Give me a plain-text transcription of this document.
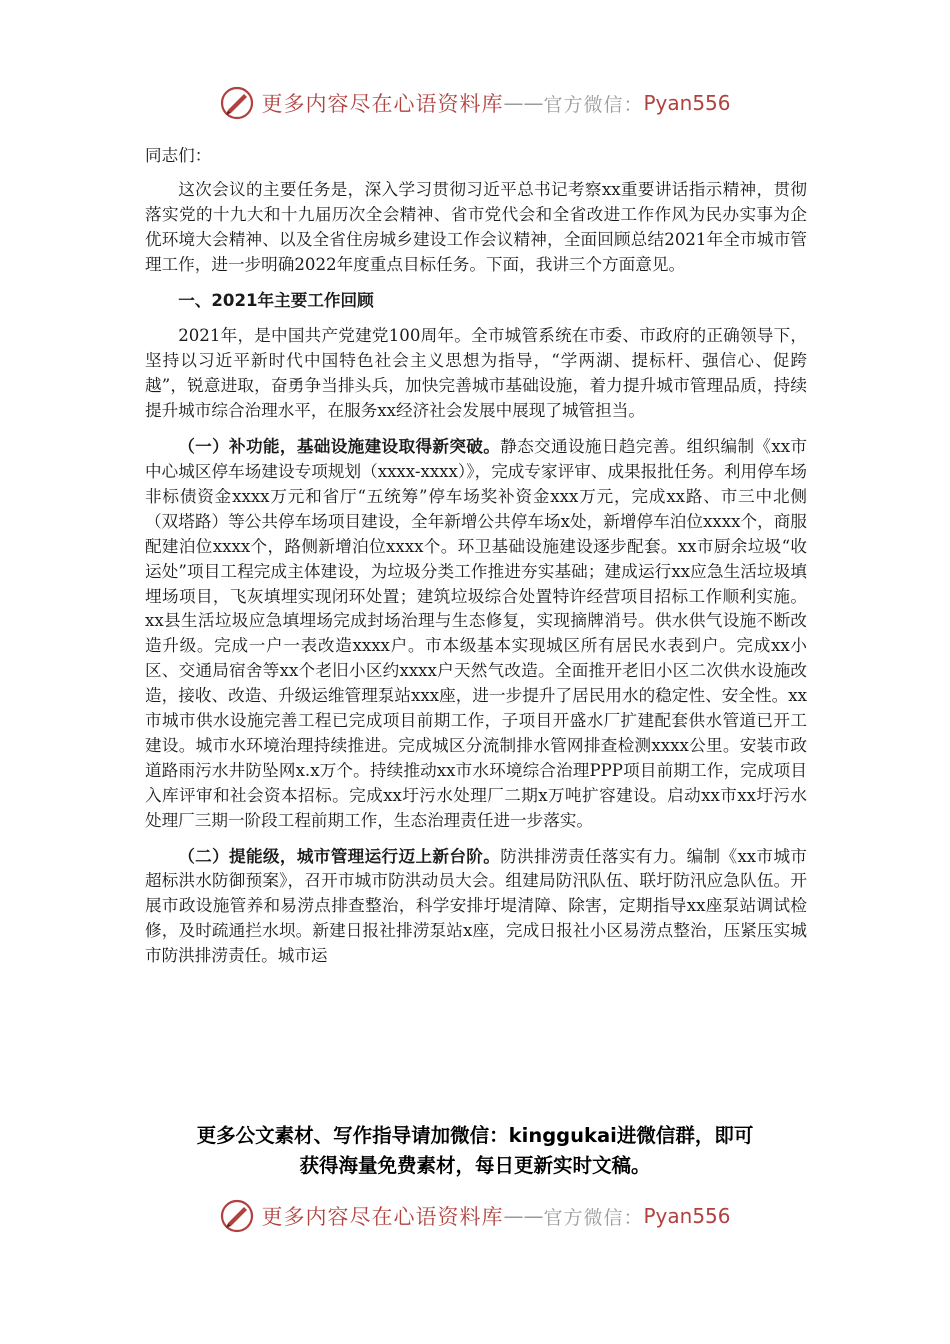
更多内容尽在心语资料库 —— 官方微信： Pyan556

同志们：

这次会议的主要任务是，深入学习贯彻习近平总书记考察xx重要讲话指示精神，贯彻落实党的十九大和十九届历次全会精神、省市党代会和全省改进工作作风为民办实事为企优环境大会精神、以及全省住房城乡建设工作会议精神，全面回顾总结2021年全市城市管理工作，进一步明确2022年度重点目标任务。下面，我讲三个方面意见。

一、2021年主要工作回顾

2021年，是中国共产党建党100周年。全市城管系统在市委、市政府的正确领导下，坚持以习近平新时代中国特色社会主义思想为指导，“学两湖、提标杆、强信心、促跨越”，锐意进取，奋勇争当排头兵，加快完善城市基础设施，着力提升城市管理品质，持续提升城市综合治理水平，在服务xx经济社会发展中展现了城管担当。

（一）补功能，基础设施建设取得新突破。静态交通设施日趋完善。组织编制《xx市中心城区停车场建设专项规划（xxxx-xxxx）》，完成专家评审、成果报批任务。利用停车场非标债资金xxxx万元和省厅“五统筹”停车场奖补资金xxx万元，完成xx路、市三中北侧（双塔路）等公共停车场项目建设，全年新增公共停车场x处，新增停车泊位xxxx个，商服配建泊位xxxx个，路侧新增泊位xxxx个。环卫基础设施建设逐步配套。xx市厨余垃圾“收运处”项目工程完成主体建设，为垃圾分类工作推进夯实基础；建成运行xx应急生活垃圾填埋场项目，飞灰填埋实现闭环处置；建筑垃圾综合处置特许经营项目招标工作顺利实施。xx县生活垃圾应急填埋场完成封场治理与生态修复，实现摘牌消号。供水供气设施不断改造升级。完成一户一表改造xxxx户。市本级基本实现城区所有居民水表到户。完成xx小区、交通局宿舍等xx个老旧小区约xxxx户天然气改造。全面推开老旧小区二次供水设施改造，接收、改造、升级运维管理泵站xxx座，进一步提升了居民用水的稳定性、安全性。xx市城市供水设施完善工程已完成项目前期工作，子项目开盛水厂扩建配套供水管道已开工建设。城市水环境治理持续推进。完成城区分流制排水管网排查检测xxxx公里。安装市政道路雨污水井防坠网x.x万个。持续推动xx市水环境综合治理PPP项目前期工作，完成项目入库评审和社会资本招标。完成xx圩污水处理厂二期x万吨扩容建设。启动xx市xx圩污水处理厂三期一阶段工程前期工作，生态治理责任进一步落实。

（二）提能级，城市管理运行迈上新台阶。防洪排涝责任落实有力。编制《xx市城市超标洪水防御预案》，召开市城市防洪动员大会。组建局防汛队伍、联圩防汛应急队伍。开展市政设施管养和易涝点排查整治，科学安排圩堤清障、除害，定期指导xx座泵站调试检修，及时疏通拦水坝。新建日报社排涝泵站x座，完成日报社小区易涝点整治，压紧压实城市防洪排涝责任。城市运

更多公文素材、写作指导请加微信：kinggukai进微信群，即可
获得海量免费素材，每日更新实时文稿。
更多内容尽在心语资料库 —— 官方微信： Pyan556
